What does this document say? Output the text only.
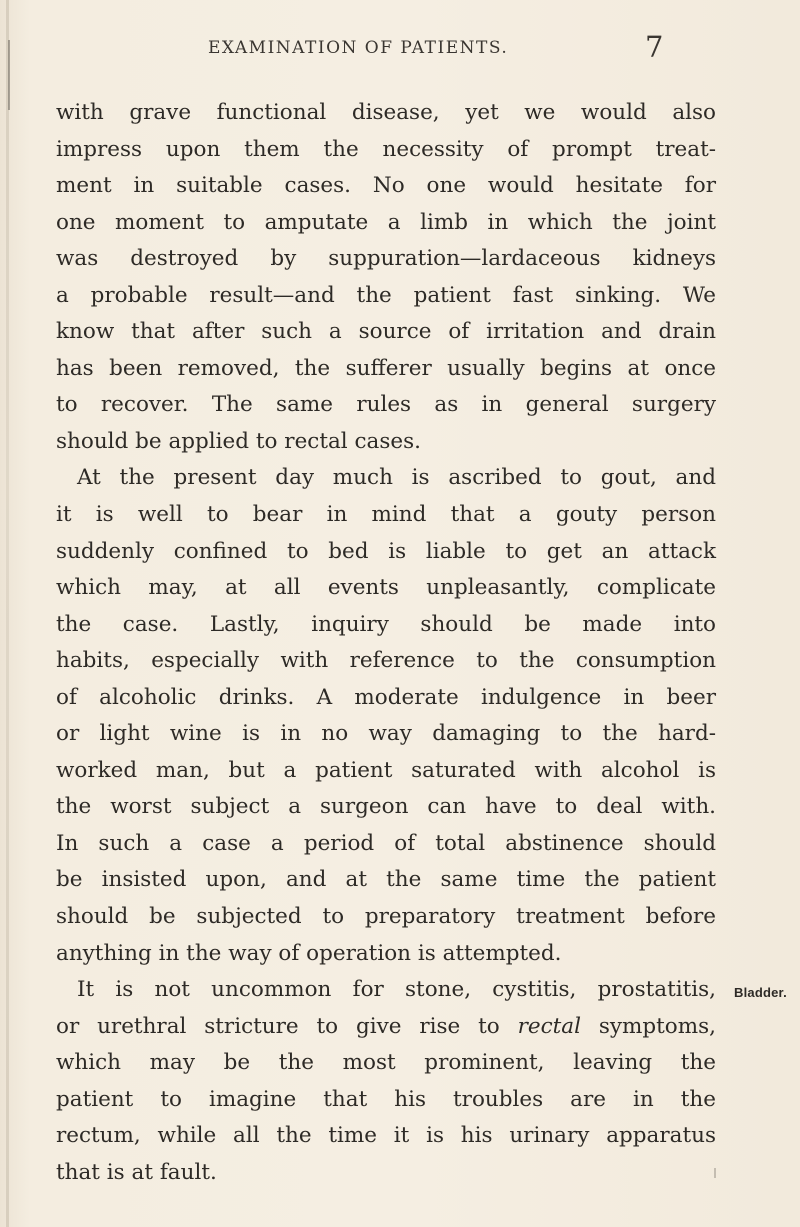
EXAMINATION OF PATIENTS.	7
with grave functional disease, yet we would also
impress upon them the necessity of prompt treat-
ment in suitable cases. No one would hesitate for
one moment to amputate a limb in which the joint
was destroyed by suppuration—lardaceous kidneys
a probable result—and the patient fast sinking. We
know that after such a source of irritation and drain
has been removed, the sufferer usually begins at once
to recover. The same rules as in general surgery
should be applied to rectal cases.
At the present day much is ascribed to gout, and
it is well to bear in mind that a gouty person
suddenly confined to bed is liable to get an attack
which may, at all events unpleasantly, complicate
the case. Lastly, inquiry should be made into
habits, especially with reference to the consumption
of alcoholic drinks. A moderate indulgence in beer
or light wine is in no way damaging to the hard-
worked man, but a patient saturated with alcohol is
the worst subject a surgeon can have to deal with.
In such a case a period of total abstinence should
be insisted upon, and at the same time the patient
should be subjected to preparatory treatment before
anything in the way of operation is attempted.
It is not uncommon for stone, cystitis, prostatitis,
or urethral stricture to give rise to rectal symptoms,
which may be the most prominent, leaving the
patient to imagine that his troubles are in the
rectum, while all the time it is his urinary apparatus
that is at fault.
Bladder.
